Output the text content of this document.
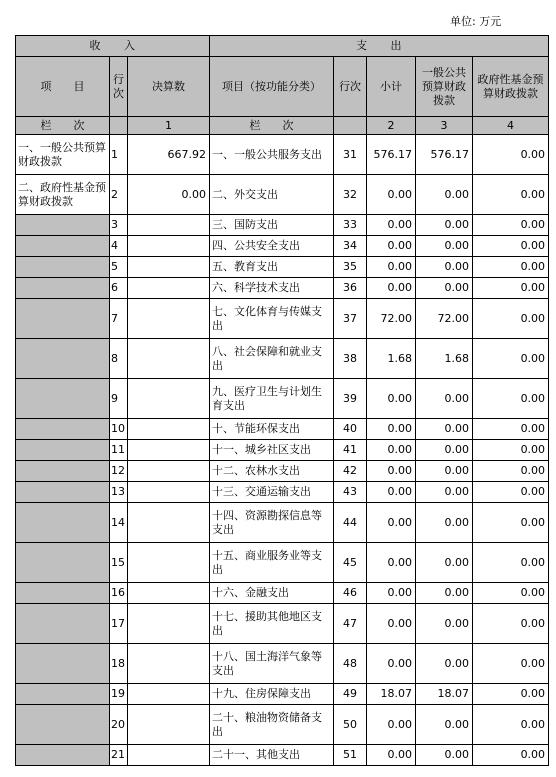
单位: 万元
收　　入			支　　出				
项　　目	行次	决算数	项目（按功能分类）	行次	小计	一般公共预算财政拨款	政府性基金预算财政拨款
栏　　次		1	栏　　次		2	3	4
一、一般公共预算财政拨款	1	667.92	一、一般公共服务支出	31	576.17	576.17	0.00
二、政府性基金预算财政拨款	2	0.00	二、外交支出	32	0.00	0.00	0.00
	3		三、国防支出	33	0.00	0.00	0.00
	4		四、公共安全支出	34	0.00	0.00	0.00
	5		五、教育支出	35	0.00	0.00	0.00
	6		六、科学技术支出	36	0.00	0.00	0.00
	7		七、文化体育与传媒支出	37	72.00	72.00	0.00
	8		八、社会保障和就业支出	38	1.68	1.68	0.00
	9		九、医疗卫生与计划生育支出	39	0.00	0.00	0.00
	10		十、节能环保支出	40	0.00	0.00	0.00
	11		十一、城乡社区支出	41	0.00	0.00	0.00
	12		十二、农林水支出	42	0.00	0.00	0.00
	13		十三、交通运输支出	43	0.00	0.00	0.00
	14		十四、资源勘探信息等支出	44	0.00	0.00	0.00
	15		十五、商业服务业等支出	45	0.00	0.00	0.00
	16		十六、金融支出	46	0.00	0.00	0.00
	17		十七、援助其他地区支出	47	0.00	0.00	0.00
	18		十八、国土海洋气象等支出	48	0.00	0.00	0.00
	19		十九、住房保障支出	49	18.07	18.07	0.00
	20		二十、粮油物资储备支出	50	0.00	0.00	0.00
	21		二十一、其他支出	51	0.00	0.00	0.00
